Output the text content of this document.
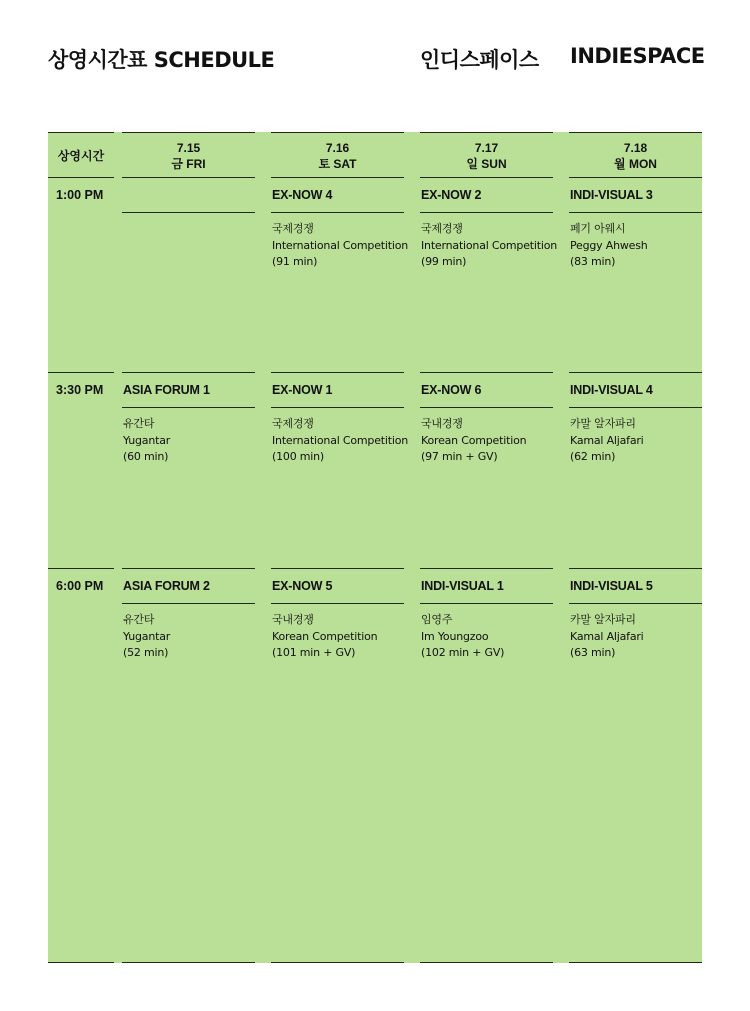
상영시간표 SCHEDULE	인디스페이스 INDIESPACE
상영시간
7.15
금 FRI
7.16
토 SAT
7.17
일 SUN
7.18
월 MON
1:00 PM	EX-NOW 4
국제경쟁
International Competition
(91 min)
EX-NOW 2
국제경쟁
International Competition
(99 min)
INDI-VISUAL 3
페기 아웨시
Peggy Ahwesh
(83 min)
3:30 PM ASIA FORUM 1
유간타
Yugantar
(60 min)
EX-NOW 1
국제경쟁
International Competition
(100 min)
EX-NOW 6
국내경쟁
Korean Competition
(97 min + GV)
INDI-VISUAL 4
카말 알자파리
Kamal Aljafari
(62 min)
6:00 PM ASIA FORUM 2
유간타
Yugantar
(52 min)
EX-NOW 5
국내경쟁
Korean Competition
(101 min + GV)
INDI-VISUAL 1
임영주
Im Youngzoo
(102 min + GV)
INDI-VISUAL 5
카말 알자파리
Kamal Aljafari
(63 min)
